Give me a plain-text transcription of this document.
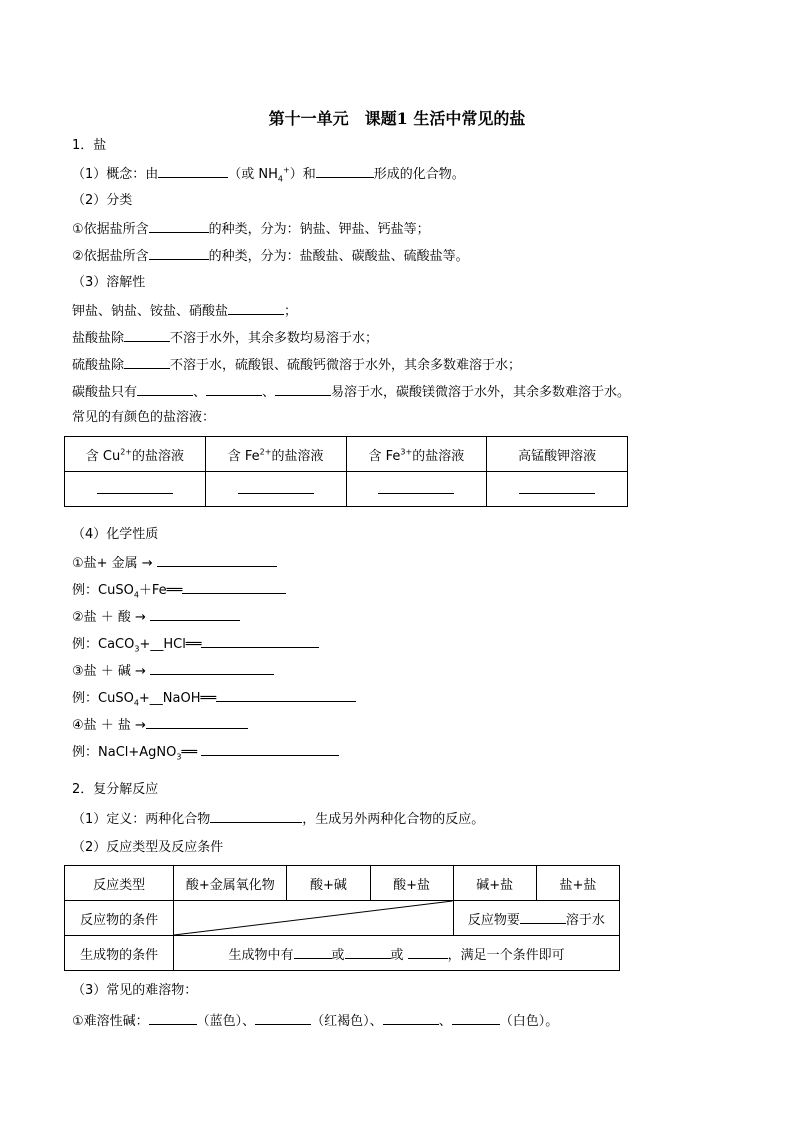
第十一单元　课题1 生活中常见的盐
1．盐
（1）概念：由	（或 $NH_4^+$）和	形成的化合物。
（2）分类
①依据盐所含	的种类，分为：钠盐、钾盐、钙盐等；
②依据盐所含	的种类，分为：盐酸盐、碳酸盐、硫酸盐等。
（3）溶解性
钾盐、钠盐、铵盐、硝酸盐	；
盐酸盐除	不溶于水外，其余多数均易溶于水；
硫酸盐除	不溶于水，硫酸银、硫酸钙微溶于水外，其余多数难溶于水；
碳酸盐只有	、	、	易溶于水，碳酸镁微溶于水外，其余多数难溶于水。
常见的有颜色的盐溶液：
含 $Cu^{2+}$的盐溶液	含 $Fe^{2+}$的盐溶液	含 $Fe^{3+}$的盐溶液	高锰酸钾溶液

（4）化学性质
①盐+ 金属 →
例：CuSO$_4$＋Fe══
②盐 ＋ 酸 →
例：CaCO$_3$+__HCl══
③盐 ＋ 碱 →
例：CuSO$_4$+__NaOH══
④盐 ＋ 盐 →
例：NaCl+AgNO$_3$══
2．复分解反应
（1）定义：两种化合物	，生成另外两种化合物的反应。
（2）反应类型及反应条件
反应类型	酸+金属氧化物	酸+碱	酸+盐	碱+盐	盐+盐
反应物的条件				反应物要 溶于水	
生成物的条件	生成物中有 或 或 ，满足一个条件即可				
（3）常见的难溶物：
①难溶性碱：	（蓝色）、	（红褐色）、	、	（白色）。
